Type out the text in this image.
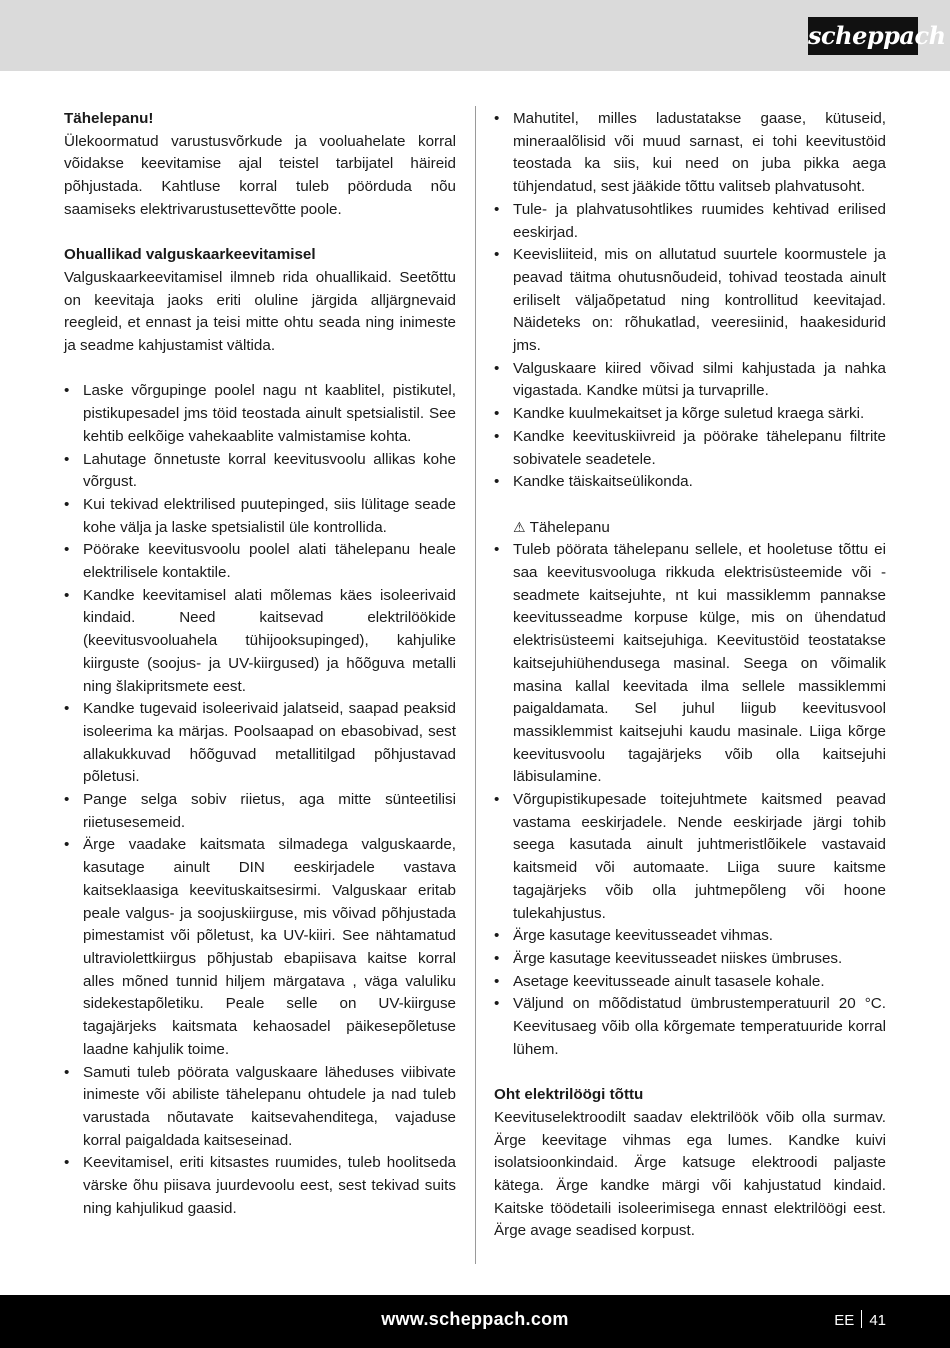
scheppach
Tähelepanu!
Ülekoormatud varustusvõrkude ja vooluahelate korral võidakse keevitamise ajal teistel tarbijatel häireid põhjustada. Kahtluse korral tuleb pöörduda nõu saamiseks elektrivarustusettevõtte poole.
Ohuallikad valguskaarkeevitamisel
Valguskaarkeevitamisel ilmneb rida ohuallikaid. Seetõttu on keevitaja jaoks eriti oluline järgida alljärgnevaid reegleid, et ennast ja teisi mitte ohtu seada ning inimeste ja seadme kahjustamist vältida.
• Laske võrgupinge poolel nagu nt kaablitel, pistikutel, pistikupesadel jms töid teostada ainult spetsialistil. See kehtib eelkõige vahekaablite valmistamise kohta.
• Lahutage õnnetuste korral keevitusvoolu allikas kohe võrgust.
• Kui tekivad elektrilised puutepinged, siis lülitage seade kohe välja ja laske spetsialistil üle kontrollida.
• Pöörake keevitusvoolu poolel alati tähelepanu heale elektrilisele kontaktile.
• Kandke keevitamisel alati mõlemas käes isoleerivaid kindaid. Need kaitsevad elektrilöökide (keevitusvooluahela tühijooksupinged), kahjulike kiirguste (soojus- ja UV-kiirgused) ja hõõguva metalli ning šlakipritsmete eest.
• Kandke tugevaid isoleerivaid jalatseid, saapad peaksid isoleerima ka märjas. Poolsaapad on ebasobivad, sest allakukkuvad hõõguvad metallitilgad põhjustavad põletusi.
• Pange selga sobiv riietus, aga mitte sünteetilisi riietusesemeid.
• Ärge vaadake kaitsmata silmadega valguskaarde, kasutage ainult DIN eeskirjadele vastava kaitseklaasiga keevituskaitsesirmi. Valguskaar eritab peale valgus- ja soojuskiirguse, mis võivad põhjustada pimestamist või põletust, ka UV-kiiri. See nähtamatud ultraviolettkiirgus põhjustab ebapiisava kaitse korral alles mõned tunnid hiljem märgatava , väga valuliku sidekestapõletiku. Peale selle on UV-kiirguse tagajärjeks kaitsmata kehaosadel päikesepõletuse laadne kahjulik toime.
• Samuti tuleb pöörata valguskaare läheduses viibivate inimeste või abiliste tähelepanu ohtudele ja nad tuleb varustada nõutavate kaitsevahenditega, vajaduse korral paigaldada kaitseseinad.
• Keevitamisel, eriti kitsastes ruumides, tuleb hoolitseda värske õhu piisava juurdevoolu eest, sest tekivad suits ning kahjulikud gaasid.
• Mahutitel, milles ladustatakse gaase, kütuseid, mineraalõlisid või muud sarnast, ei tohi keevitustöid teostada ka siis, kui need on juba pikka aega tühjendatud, sest jääkide tõttu valitseb plahvatusoht.
• Tule- ja plahvatusohtlikes ruumides kehtivad erilised eeskirjad.
• Keevisliiteid, mis on allutatud suurtele koormustele ja peavad täitma ohutusnõudeid, tohivad teostada ainult eriliselt väljaõpetatud ning kontrollitud keevitajad. Näideteks on: rõhukatlad, veeresiinid, haakesidurid jms.
• Valguskaare kiired võivad silmi kahjustada ja nahka vigastada. Kandke mütsi ja turvaprille.
• Kandke kuulmekaitset ja kõrge suletud kraega särki.
• Kandke keevituskiivreid ja pöörake tähelepanu filtrite sobivatele seadetele.
• Kandke täiskaitseülikonda.
⚠ Tähelepanu
• Tuleb pöörata tähelepanu sellele, et hooletuse tõttu ei saa keevitusvooluga rikkuda elektrisüsteemide või -seadmete kaitsejuhte, nt kui massiklemm pannakse keevitusseadme korpuse külge, mis on ühendatud elektrisüsteemi kaitsejuhiga. Keevitustöid teostatakse kaitsejuhiühendusega masinal. Seega on võimalik masina kallal keevitada ilma sellele massiklemmi paigaldamata. Sel juhul liigub keevitusvool massiklemmist kaitsejuhi kaudu masinale. Liiga kõrge keevitusvoolu tagajärjeks võib olla kaitsejuhi läbisulamine.
• Võrgupistikupesade toitejuhtmete kaitsmed peavad vastama eeskirjadele. Nende eeskirjade järgi tohib seega kasutada ainult juhtmeristlõikele vastavaid kaitsmeid või automaate. Liiga suure kaitsme tagajärjeks võib olla juhtmepõleng või hoone tulekahjustus.
• Ärge kasutage keevitusseadet vihmas.
• Ärge kasutage keevitusseadet niiskes ümbruses.
• Asetage keevitusseade ainult tasasele kohale.
• Väljund on mõõdistatud ümbrustemperatuuril 20 °C. Keevitusaeg võib olla kõrgemate temperatuuride korral lühem.
Oht elektrilöögi tõttu
Keevituselektroodilt saadav elektrilöök võib olla surmav. Ärge keevitage vihmas ega lumes. Kandke kuivi isolatsioonkindaid. Ärge katsuge elektroodi paljaste kätega. Ärge kandke märgi või kahjustatud kindaid. Kaitske töödetaili isoleerimisega ennast elektrilöögi eest. Ärge avage seadised korpust.
www.scheppach.com	EE 41
